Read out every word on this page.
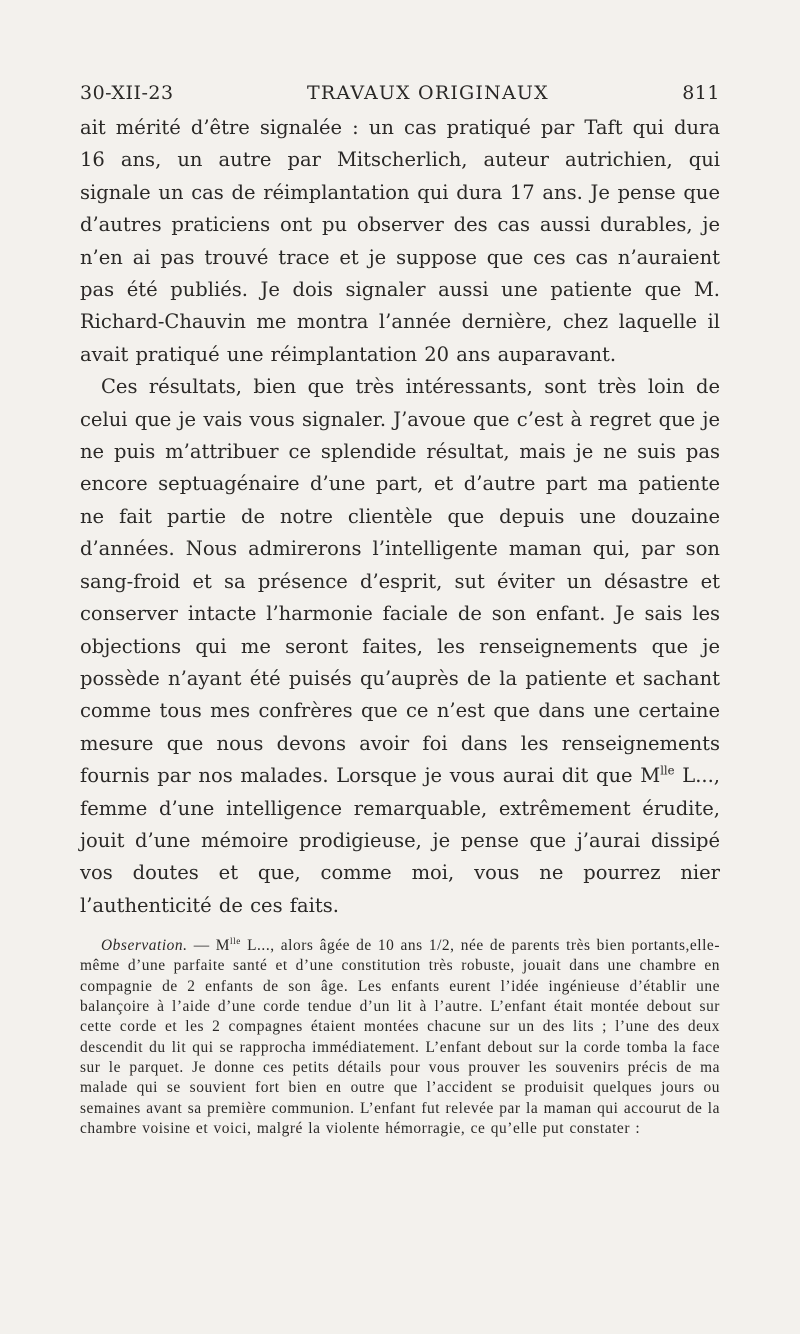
30-XII-23	TRAVAUX ORIGINAUX	811

ait mérité d’être signalée : un cas pratiqué par Taft qui dura 16 ans, un autre par Mitscherlich, auteur autrichien, qui signale un cas de réimplantation qui dura 17 ans. Je pense que d’autres praticiens ont pu observer des cas aussi durables, je n’en ai pas trouvé trace et je suppose que ces cas n’auraient pas été publiés. Je dois signaler aussi une patiente que M. Richard-Chauvin me montra l’année dernière, chez laquelle il avait pratiqué une réimplantation 20 ans auparavant.

Ces résultats, bien que très intéressants, sont très loin de celui que je vais vous signaler. J’avoue que c’est à regret que je ne puis m’attribuer ce splendide résultat, mais je ne suis pas encore septuagénaire d’une part, et d’autre part ma patiente ne fait partie de notre clientèle que depuis une douzaine d’années. Nous admirerons l’intelligente maman qui, par son sang-froid et sa présence d’esprit, sut éviter un désastre et conserver intacte l’harmonie faciale de son enfant. Je sais les objections qui me seront faites, les renseignements que je possède n’ayant été puisés qu’auprès de la patiente et sachant comme tous mes confrères que ce n’est que dans une certaine mesure que nous devons avoir foi dans les renseignements fournis par nos malades. Lorsque je vous aurai dit que $M^{lle}$ L..., femme d’une intelligence remarquable, extrêmement érudite, jouit d’une mémoire prodigieuse, je pense que j’aurai dissipé vos doutes et que, comme moi, vous ne pourrez nier l’authenticité de ces faits.

Observation. — $M^{lle}$ L..., alors âgée de 10 ans 1/2, née de parents très bien portants,elle-même d’une parfaite santé et d’une constitution très robuste, jouait dans une chambre en compagnie de 2 enfants de son âge. Les enfants eurent l’idée ingénieuse d’établir une balançoire à l’aide d’une corde tendue d’un lit à l’autre. L’enfant était montée debout sur cette corde et les 2 compagnes étaient montées chacune sur un des lits ; l’une des deux descendit du lit qui se rapprocha immédiatement. L’enfant debout sur la corde tomba la face sur le parquet. Je donne ces petits détails pour vous prouver les souvenirs précis de ma malade qui se souvient fort bien en outre que l’accident se produisit quelques jours ou semaines avant sa première communion. L’enfant fut relevée par la maman qui accourut de la chambre voisine et voici, malgré la violente hémorragie, ce qu’elle put constater :
